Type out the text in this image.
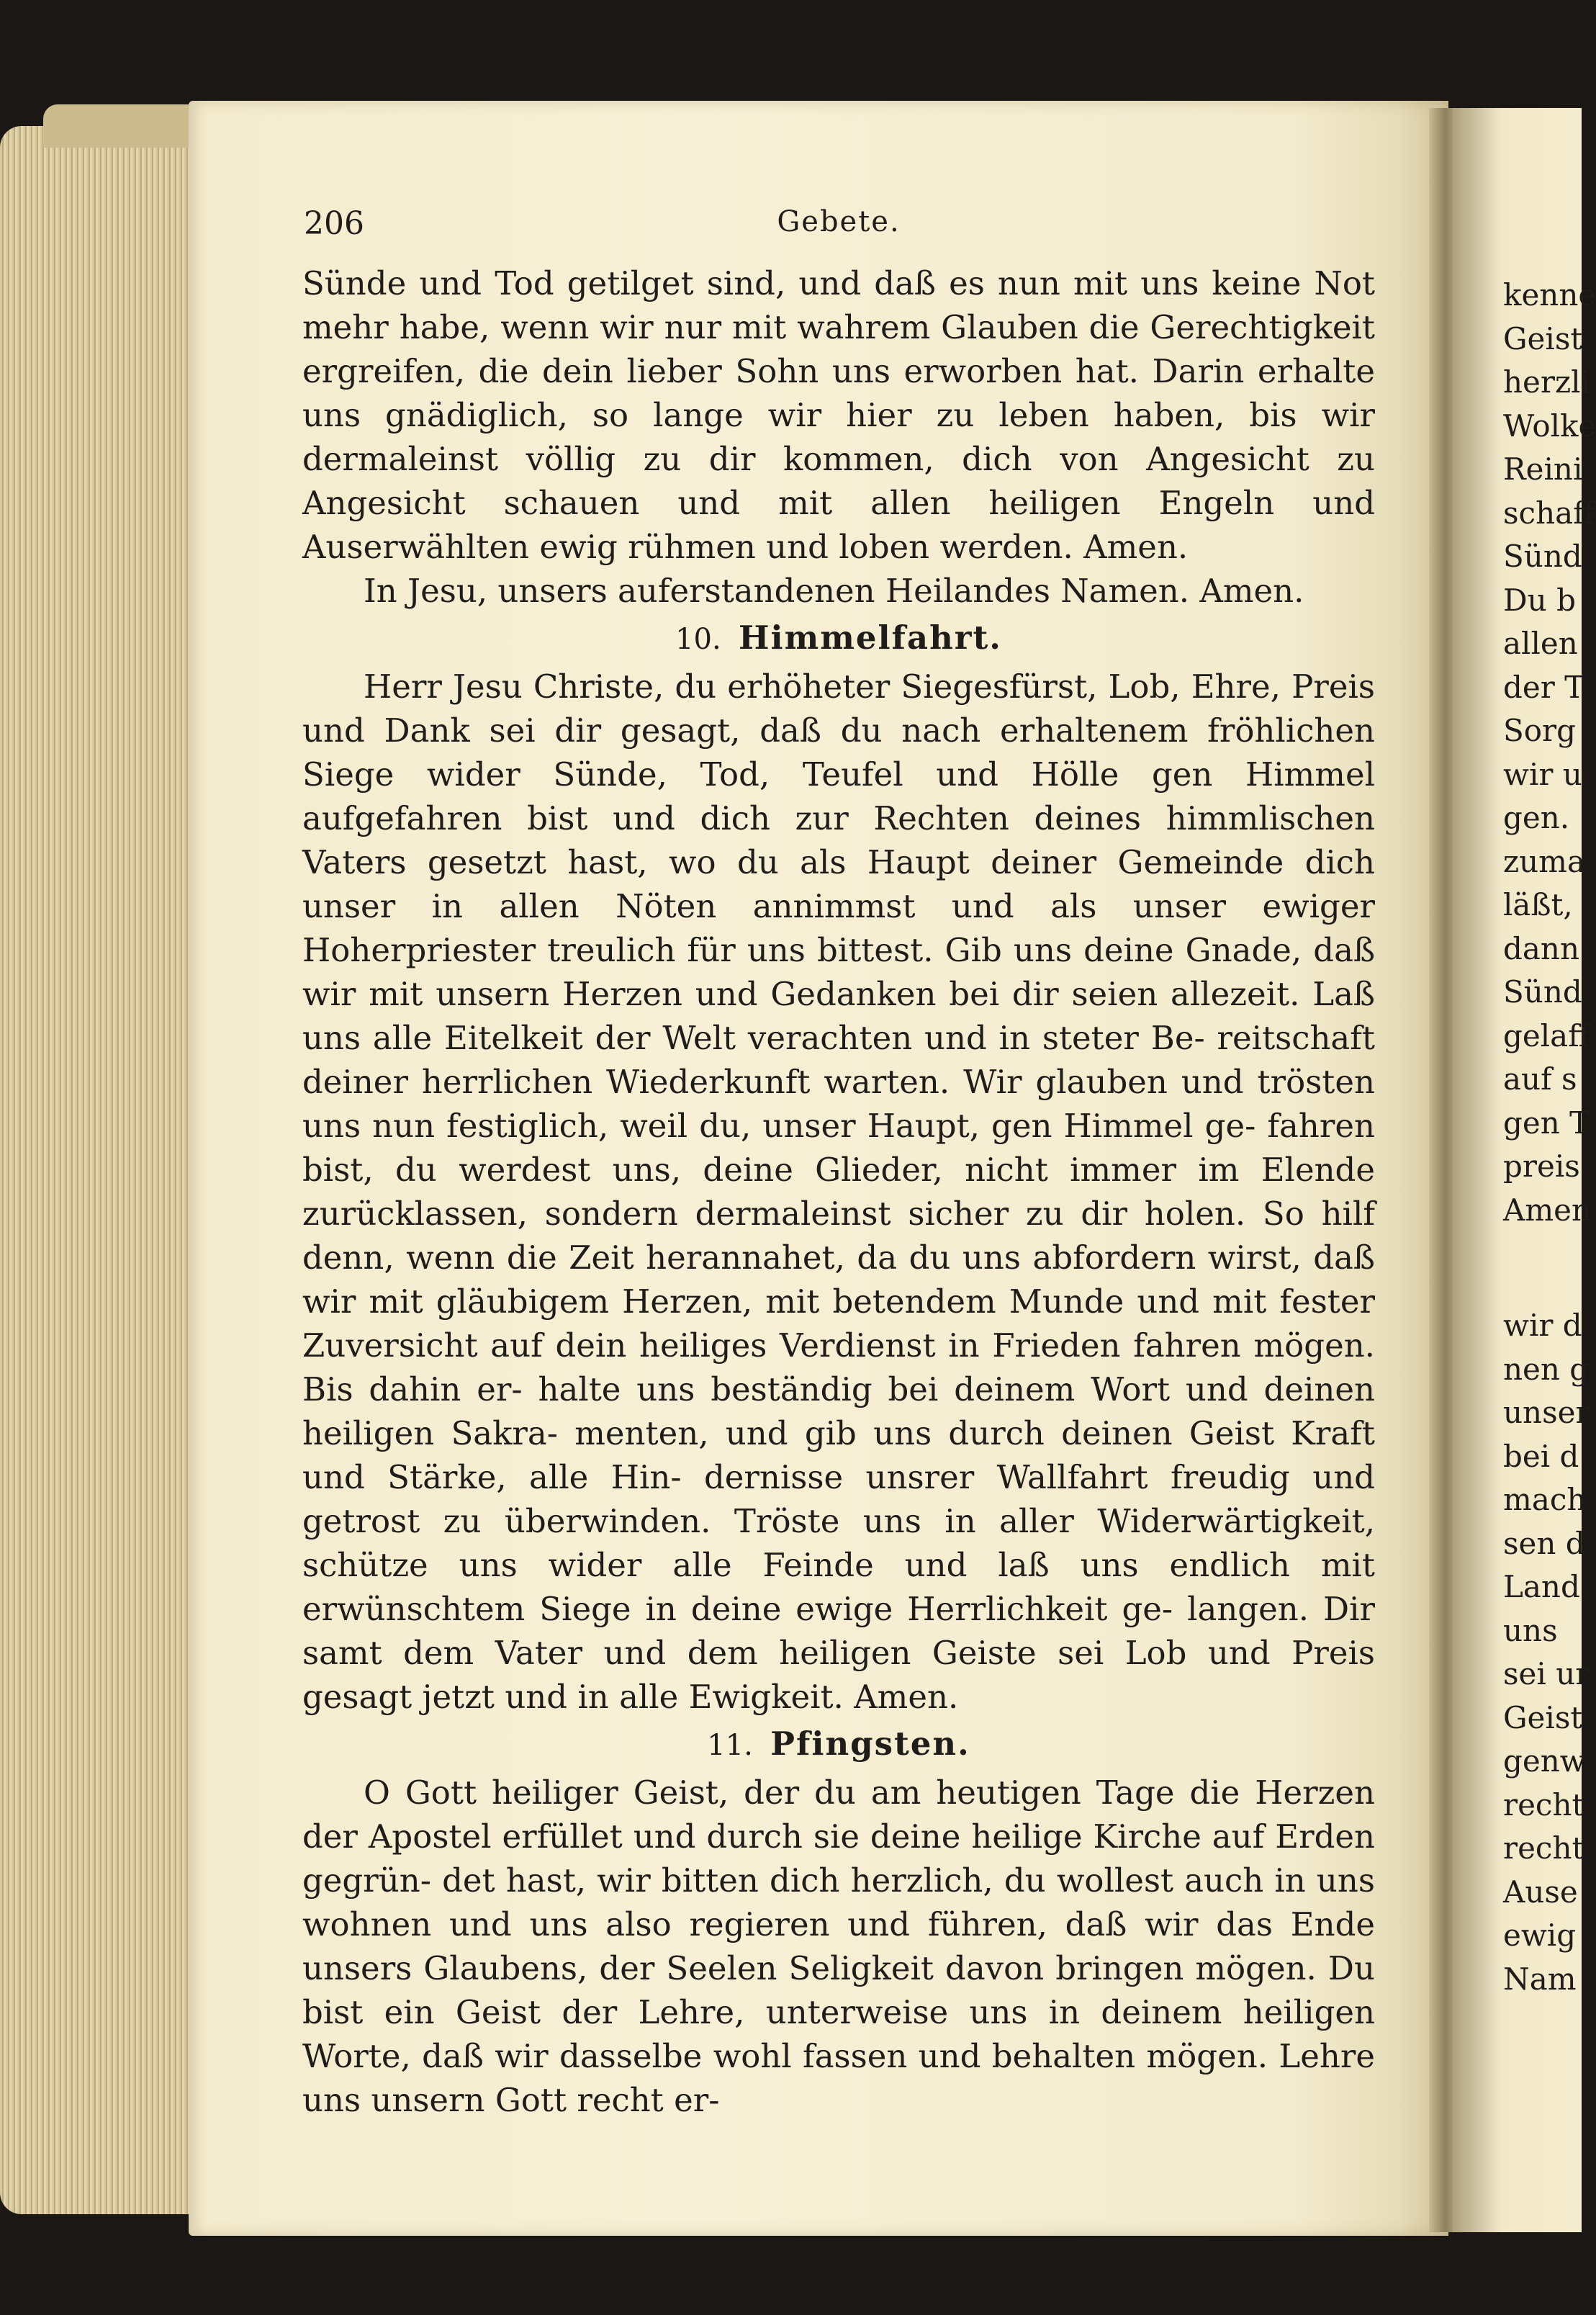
206	Gebete.

Sünde und Tod getilget sind, und daß es nun mit uns keine Not mehr habe, wenn wir nur mit wahrem Glauben die Gerechtigkeit ergreifen, die dein lieber Sohn uns erworben hat. Darin erhalte uns gnädiglich, so lange wir hier zu leben haben, bis wir dermaleinst völlig zu dir kommen, dich von Angesicht zu Angesicht schauen und mit allen heiligen Engeln und Auserwählten ewig rühmen und loben werden. Amen.

In Jesu, unsers auferstandenen Heilandes Namen. Amen.

10. Himmelfahrt.

Herr Jesu Christe, du erhöheter Siegesfürst, Lob, Ehre, Preis und Dank sei dir gesagt, daß du nach erhaltenem fröhlichen Siege wider Sünde, Tod, Teufel und Hölle gen Himmel aufgefahren bist und dich zur Rechten deines himmlischen Vaters gesetzt hast, wo du als Haupt deiner Gemeinde dich unser in allen Nöten annimmst und als unser ewiger Hoherpriester treulich für uns bittest. Gib uns deine Gnade, daß wir mit unsern Herzen und Gedanken bei dir seien allezeit. Laß uns alle Eitelkeit der Welt verachten und in steter Be- reitschaft deiner herrlichen Wiederkunft warten. Wir glauben und trösten uns nun festiglich, weil du, unser Haupt, gen Himmel ge- fahren bist, du werdest uns, deine Glieder, nicht immer im Elende zurücklassen, sondern dermaleinst sicher zu dir holen. So hilf denn, wenn die Zeit herannahet, da du uns abfordern wirst, daß wir mit gläubigem Herzen, mit betendem Munde und mit fester Zuversicht auf dein heiliges Verdienst in Frieden fahren mögen. Bis dahin er- halte uns beständig bei deinem Wort und deinen heiligen Sakra- menten, und gib uns durch deinen Geist Kraft und Stärke, alle Hin- dernisse unsrer Wallfahrt freudig und getrost zu überwinden. Tröste uns in aller Widerwärtigkeit, schütze uns wider alle Feinde und laß uns endlich mit erwünschtem Siege in deine ewige Herrlichkeit ge- langen. Dir samt dem Vater und dem heiligen Geiste sei Lob und Preis gesagt jetzt und in alle Ewigkeit. Amen.

11. Pfingsten.

O Gott heiliger Geist, der du am heutigen Tage die Herzen der Apostel erfüllet und durch sie deine heilige Kirche auf Erden gegrün- det hast, wir bitten dich herzlich, du wollest auch in uns wohnen und uns also regieren und führen, daß wir das Ende unsers Glaubens, der Seelen Seligkeit davon bringen mögen. Du bist ein Geist der Lehre, unterweise uns in deinem heiligen Worte, daß wir dasselbe wohl fassen und behalten mögen. Lehre uns unsern Gott recht er-

kenne
Geist
herzli
Wolke
Reini
schaff
Sünd
Du b
allen
der T
Sorg
wir u
gen.
zuma
läßt,
dann
Sünd
gelaff
auf s
gen T
preis
Amen
wir d
nen g
unser
bei d
mach
sen d
Land
uns
sei ur
Geist
genw
recht
recht
Ause
ewig
Nam
